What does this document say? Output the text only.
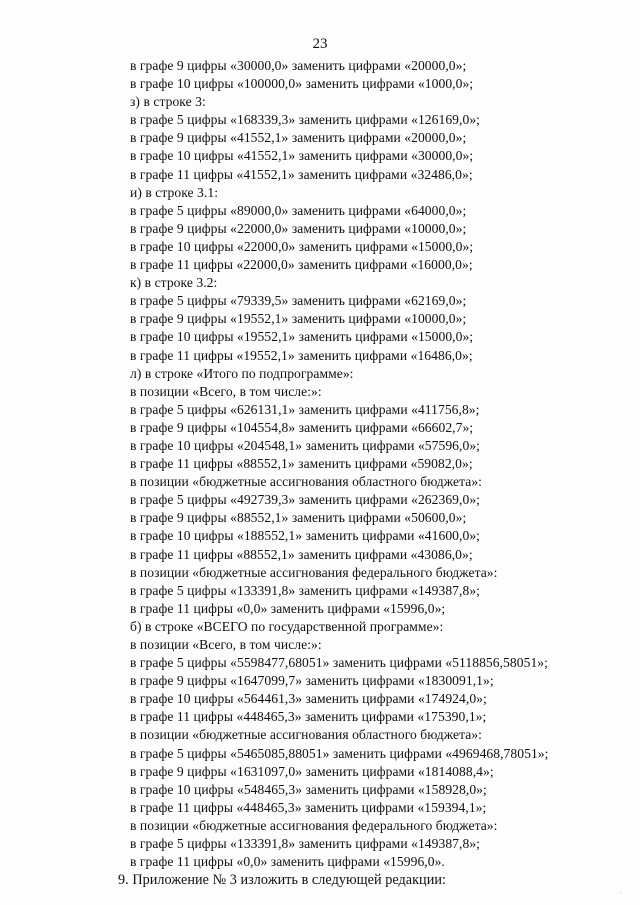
23
в графе 9 цифры «30000,0» заменить цифрами «20000,0»;
в графе 10 цифры «100000,0» заменить цифрами «1000,0»;
з) в строке 3:
в графе 5 цифры «168339,3» заменить цифрами «126169,0»;
в графе 9 цифры «41552,1» заменить цифрами «20000,0»;
в графе 10 цифры «41552,1» заменить цифрами «30000,0»;
в графе 11 цифры «41552,1» заменить цифрами «32486,0»;
и) в строке 3.1:
в графе 5 цифры «89000,0» заменить цифрами «64000,0»;
в графе 9 цифры «22000,0» заменить цифрами «10000,0»;
в графе 10 цифры «22000,0» заменить цифрами «15000,0»;
в графе 11 цифры «22000,0» заменить цифрами «16000,0»;
к) в строке 3.2:
в графе 5 цифры «79339,5» заменить цифрами «62169,0»;
в графе 9 цифры «19552,1» заменить цифрами «10000,0»;
в графе 10 цифры «19552,1» заменить цифрами «15000,0»;
в графе 11 цифры «19552,1» заменить цифрами «16486,0»;
л) в строке «Итого по подпрограмме»:
в позиции «Всего, в том числе:»:
в графе 5 цифры «626131,1» заменить цифрами «411756,8»;
в графе 9 цифры «104554,8» заменить цифрами «66602,7»;
в графе 10 цифры «204548,1» заменить цифрами «57596,0»;
в графе 11 цифры «88552,1» заменить цифрами «59082,0»;
в позиции «бюджетные ассигнования областного бюджета»:
в графе 5 цифры «492739,3» заменить цифрами «262369,0»;
в графе 9 цифры «88552,1» заменить цифрами «50600,0»;
в графе 10 цифры «188552,1» заменить цифрами «41600,0»;
в графе 11 цифры «88552,1» заменить цифрами «43086,0»;
в позиции «бюджетные ассигнования федерального бюджета»:
в графе 5 цифры «133391,8» заменить цифрами «149387,8»;
в графе 11 цифры «0,0» заменить цифрами «15996,0»;
б) в строке «ВСЕГО по государственной программе»:
в позиции «Всего, в том числе:»:
в графе 5 цифры «5598477,68051» заменить цифрами «5118856,58051»;
в графе 9 цифры «1647099,7» заменить цифрами «1830091,1»;
в графе 10 цифры «564461,3» заменить цифрами «174924,0»;
в графе 11 цифры «448465,3» заменить цифрами «175390,1»;
в позиции «бюджетные ассигнования областного бюджета»:
в графе 5 цифры «5465085,88051» заменить цифрами «4969468,78051»;
в графе 9 цифры «1631097,0» заменить цифрами «1814088,4»;
в графе 10 цифры «548465,3» заменить цифрами «158928,0»;
в графе 11 цифры «448465,3» заменить цифрами «159394,1»;
в позиции «бюджетные ассигнования федерального бюджета»:
в графе 5 цифры «133391,8» заменить цифрами «149387,8»;
в графе 11 цифры «0,0» заменить цифрами «15996,0».
9. Приложение № 3 изложить в следующей редакции:
·
